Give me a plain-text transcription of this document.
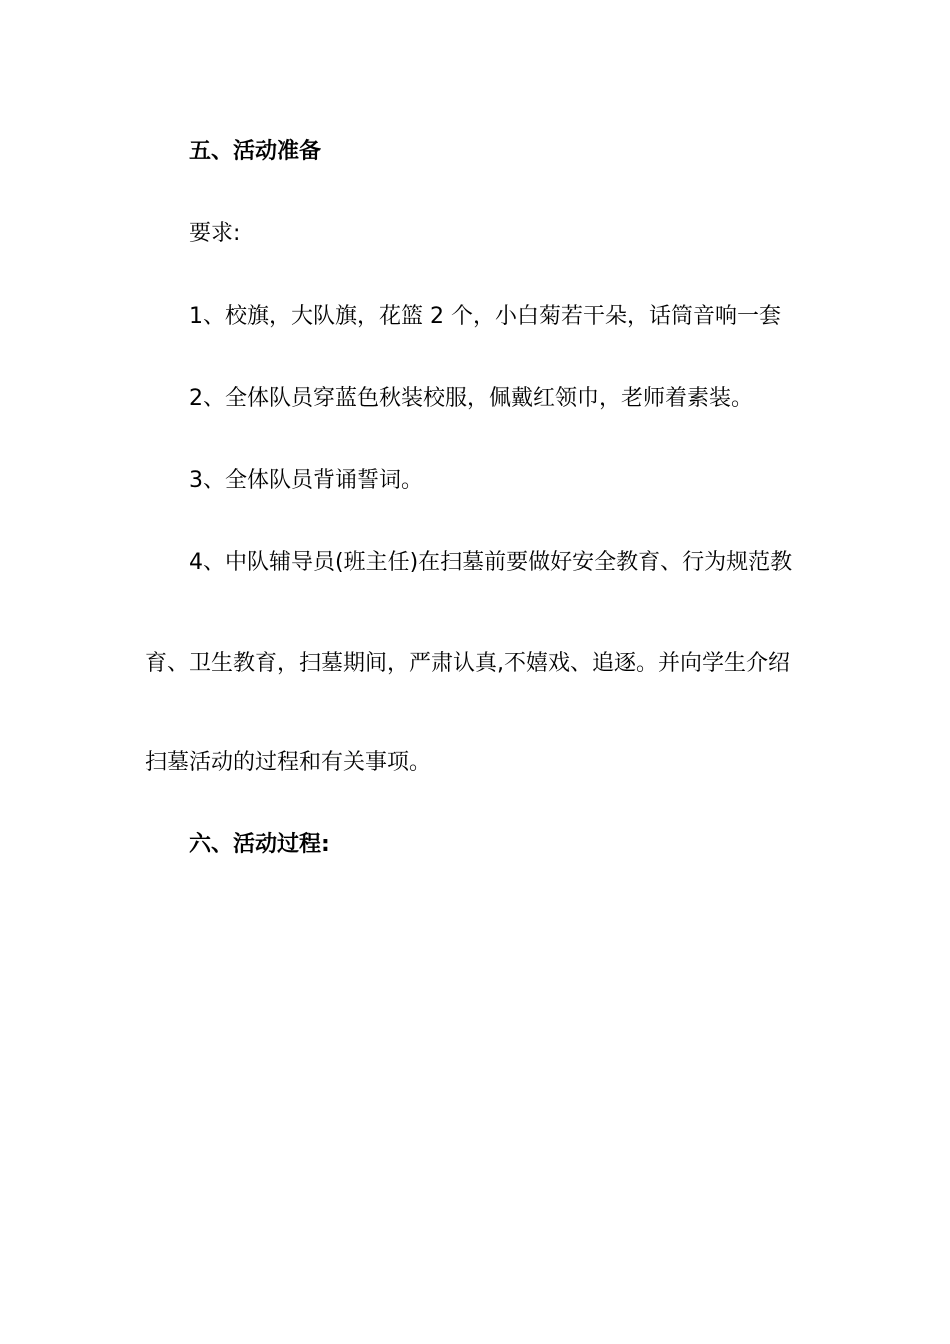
五、活动准备
要求:
1、校旗，大队旗，花篮 2 个，小白菊若干朵，话筒音响一套
2、全体队员穿蓝色秋装校服，佩戴红领巾，老师着素装。
3、全体队员背诵誓词。
4、中队辅导员(班主任)在扫墓前要做好安全教育、行为规范教
育、卫生教育，扫墓期间，严肃认真,不嬉戏、追逐。并向学生介绍
扫墓活动的过程和有关事项。
六、活动过程:
